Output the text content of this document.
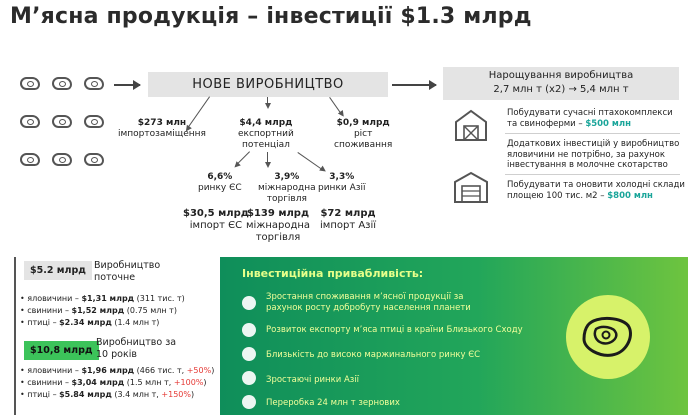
М’ясна продукція – інвестиції $1.3 млрд
НОВЕ ВИРОБНИЦТВО
Нарощування виробництва
2,7 млн т (х2) → 5,4 млн т
$273 млн
імпортозаміщення
$4,4 млрд
експортний
потенціал
$0,9 млрд
ріст
споживання
6,6%
ринку ЄС
3,9%
міжнародна
торгівля
3,3%
ринки Азії
$30,5 млрд
імпорт ЄС
$139 млрд
міжнародна
торгівля
$72 млрд
імпорт Азії
Побудувати сучасні птахокомплекси
та свиноферми – $500 млн
Додаткових інвестицій у виробництво
яловичини не потрібно, за рахунок
інвестування в молочне скотарство
Побудувати та оновити холодні склади
площею 100 тис. м2 – $800 млн
$5.2 млрд Виробництво
поточне
• яловичини – $1,31 млрд (311 тис. т)
• свинини – $1,52 млрд (0.75 млн т)
• птиці – $2.34 млрд (1.4 млн т)
$10,8 млрд
Виробництво за
10 років
• яловичини – $1,96 млрд (466 тис. т, +50%)
• свинини – $3,04 млрд (1.5 млн т, +100%)
• птиці – $5.84 млрд (3.4 млн т, +150%)
Інвестиційна привабливість:
Зростання споживання м’ясної продукції за
рахунок росту добробуту населення планети
Розвиток експорту м’яса птиці в країни Близького Сходу
Близькість до високо маржинального ринку ЄС
Зростаючі ринки Азії
Переробка 24 млн т зернових
